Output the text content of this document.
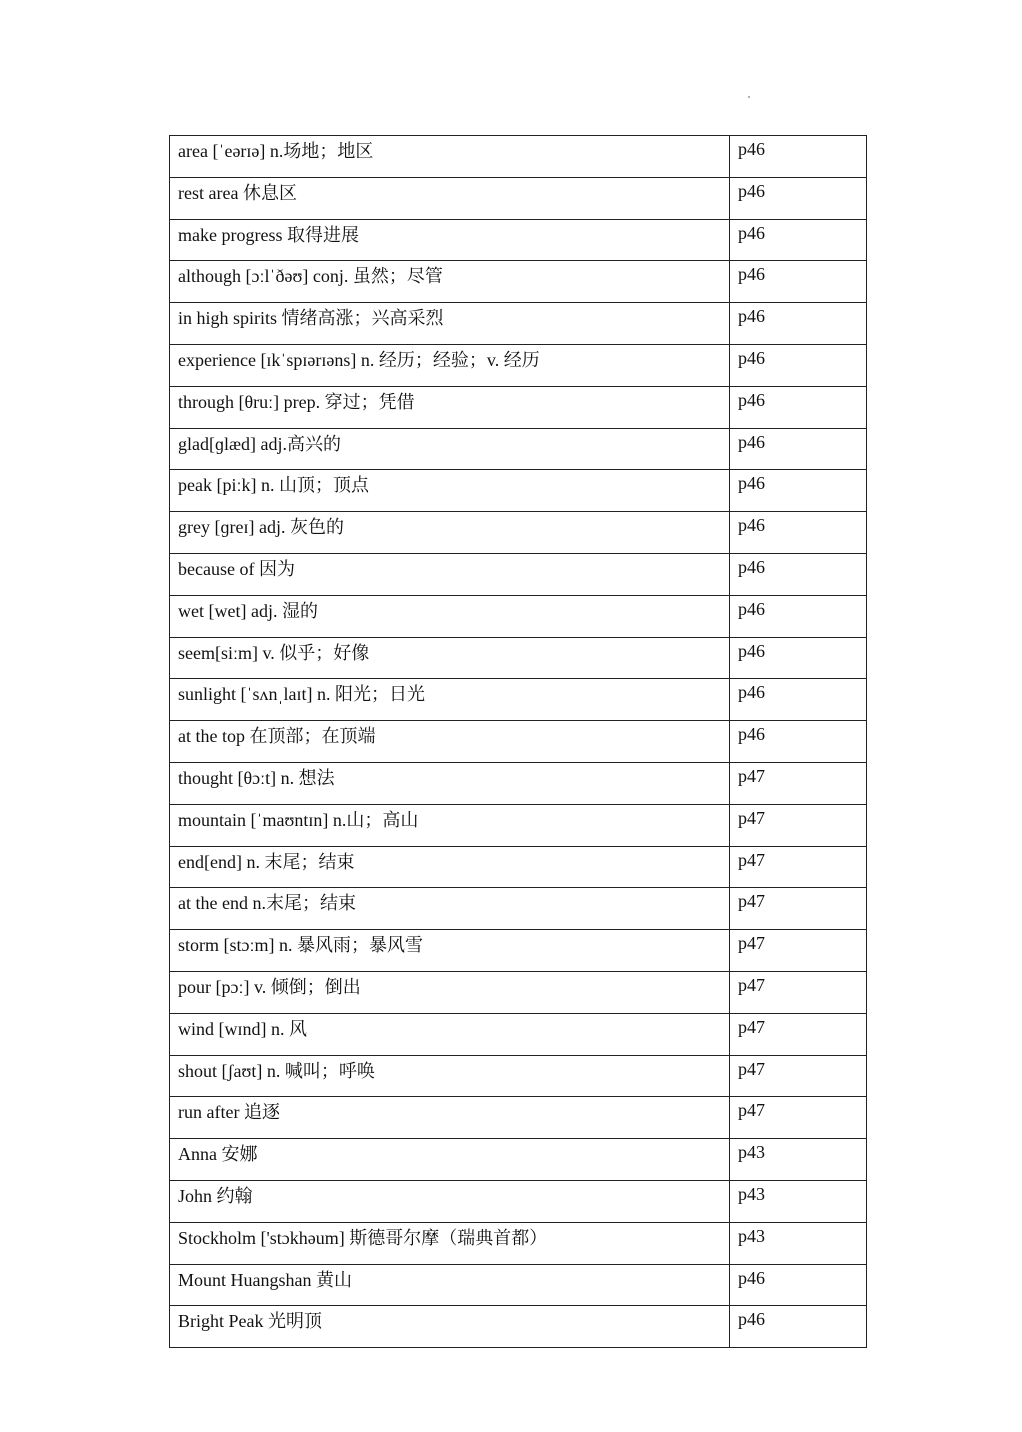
area [ˈeərɪə] n.场地；地区	p46
rest area 休息区	p46
make progress 取得进展	p46
although [ɔːlˈðəʊ] conj. 虽然；尽管	p46
in high spirits 情绪高涨；兴高采烈	p46
experience [ɪkˈspɪərɪəns] n. 经历；经验；v. 经历	p46
through [θruː] prep. 穿过；凭借	p46
glad[ɡlæd] adj.高兴的	p46
peak [piːk] n. 山顶；顶点	p46
grey [ɡreɪ] adj. 灰色的	p46
because of 因为	p46
wet [wet] adj. 湿的	p46
seem[siːm] v. 似乎；好像	p46
sunlight [ˈsʌnˌlaɪt] n. 阳光；日光	p46
at the top 在顶部；在顶端	p46
thought [θɔːt] n. 想法	p47
mountain [ˈmaʊntɪn] n.山；高山	p47
end[end] n. 末尾；结束	p47
at the end n.末尾；结束	p47
storm [stɔːm] n. 暴风雨；暴风雪	p47
pour [pɔː] v. 倾倒；倒出	p47
wind [wɪnd] n. 风	p47
shout [ʃaʊt] n. 喊叫；呼唤	p47
run after 追逐	p47
Anna 安娜	p43
John 约翰	p43
Stockholm ['stɔkhəum] 斯德哥尔摩（瑞典首都）	p43
Mount Huangshan 黄山	p46
Bright Peak 光明顶	p46
